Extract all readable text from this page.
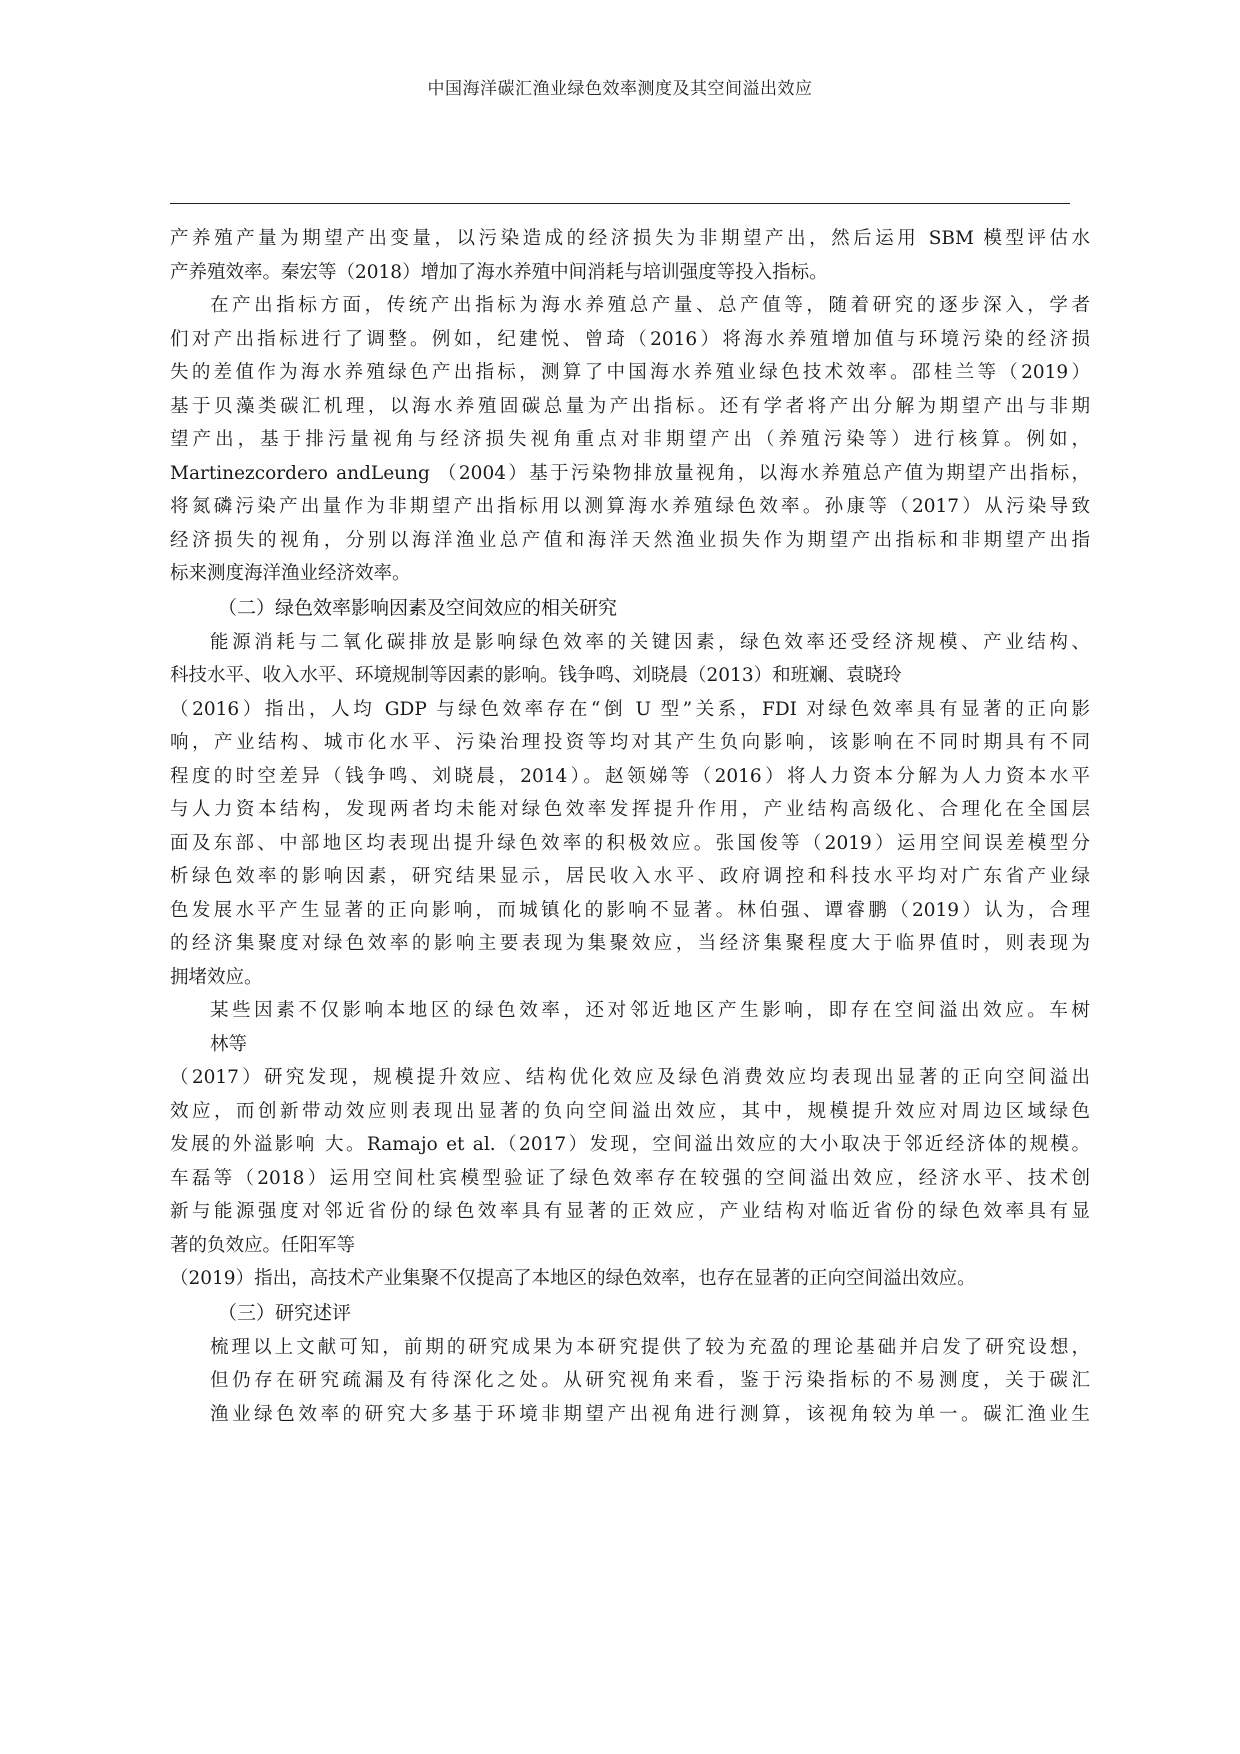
中国海洋碳汇渔业绿色效率测度及其空间溢出效应
产养殖产量为期望产出变量，以污染造成的经济损失为非期望产出，然后运用 SBM 模型评估水
产养殖效率。秦宏等（2018）增加了海水养殖中间消耗与培训强度等投入指标。
在产出指标方面，传统产出指标为海水养殖总产量、总产值等，随着研究的逐步深入，学者
们对产出指标进行了调整。例如，纪建悦、曾琦（2016）将海水养殖增加值与环境污染的经济损
失的差值作为海水养殖绿色产出指标，测算了中国海水养殖业绿色技术效率。邵桂兰等（2019）
基于贝藻类碳汇机理，以海水养殖固碳总量为产出指标。还有学者将产出分解为期望产出与非期
望产出，基于排污量视角与经济损失视角重点对非期望产出（养殖污染等）进行核算。例如，
Martinezcordero andLeung （2004）基于污染物排放量视角，以海水养殖总产值为期望产出指标，
将氮磷污染产出量作为非期望产出指标用以测算海水养殖绿色效率。孙康等（2017）从污染导致
经济损失的视角，分别以海洋渔业总产值和海洋天然渔业损失作为期望产出指标和非期望产出指
标来测度海洋渔业经济效率。
（二）绿色效率影响因素及空间效应的相关研究
能源消耗与二氧化碳排放是影响绿色效率的关键因素，绿色效率还受经济规模、产业结构、
科技水平、收入水平、环境规制等因素的影响。钱争鸣、刘晓晨（2013）和班斓、袁晓玲
（2016）指出，人均 GDP 与绿色效率存在“倒 U 型”关系，FDI 对绿色效率具有显著的正向影
响，产业结构、城市化水平、污染治理投资等均对其产生负向影响，该影响在不同时期具有不同
程度的时空差异（钱争鸣、刘晓晨，2014）。赵领娣等（2016）将人力资本分解为人力资本水平
与人力资本结构，发现两者均未能对绿色效率发挥提升作用，产业结构高级化、合理化在全国层
面及东部、中部地区均表现出提升绿色效率的积极效应。张国俊等（2019）运用空间误差模型分
析绿色效率的影响因素，研究结果显示，居民收入水平、政府调控和科技水平均对广东省产业绿
色发展水平产生显著的正向影响，而城镇化的影响不显著。林伯强、谭睿鹏（2019）认为，合理
的经济集聚度对绿色效率的影响主要表现为集聚效应，当经济集聚程度大于临界值时，则表现为
拥堵效应。
某些因素不仅影响本地区的绿色效率，还对邻近地区产生影响，即存在空间溢出效应。车树
林等
（2017）研究发现，规模提升效应、结构优化效应及绿色消费效应均表现出显著的正向空间溢出
效应，而创新带动效应则表现出显著的负向空间溢出效应，其中，规模提升效应对周边区域绿色
发展的外溢影响 大。Ramajo et al.（2017）发现，空间溢出效应的大小取决于邻近经济体的规模。
车磊等（2018）运用空间杜宾模型验证了绿色效率存在较强的空间溢出效应，经济水平、技术创
新与能源强度对邻近省份的绿色效率具有显著的正效应，产业结构对临近省份的绿色效率具有显
著的负效应。任阳军等
（2019）指出，高技术产业集聚不仅提高了本地区的绿色效率，也存在显著的正向空间溢出效应。
（三）研究述评
梳理以上文献可知，前期的研究成果为本研究提供了较为充盈的理论基础并启发了研究设想，
但仍存在研究疏漏及有待深化之处。从研究视角来看，鉴于污染指标的不易测度，关于碳汇
渔业绿色效率的研究大多基于环境非期望产出视角进行测算，该视角较为单一。碳汇渔业生
